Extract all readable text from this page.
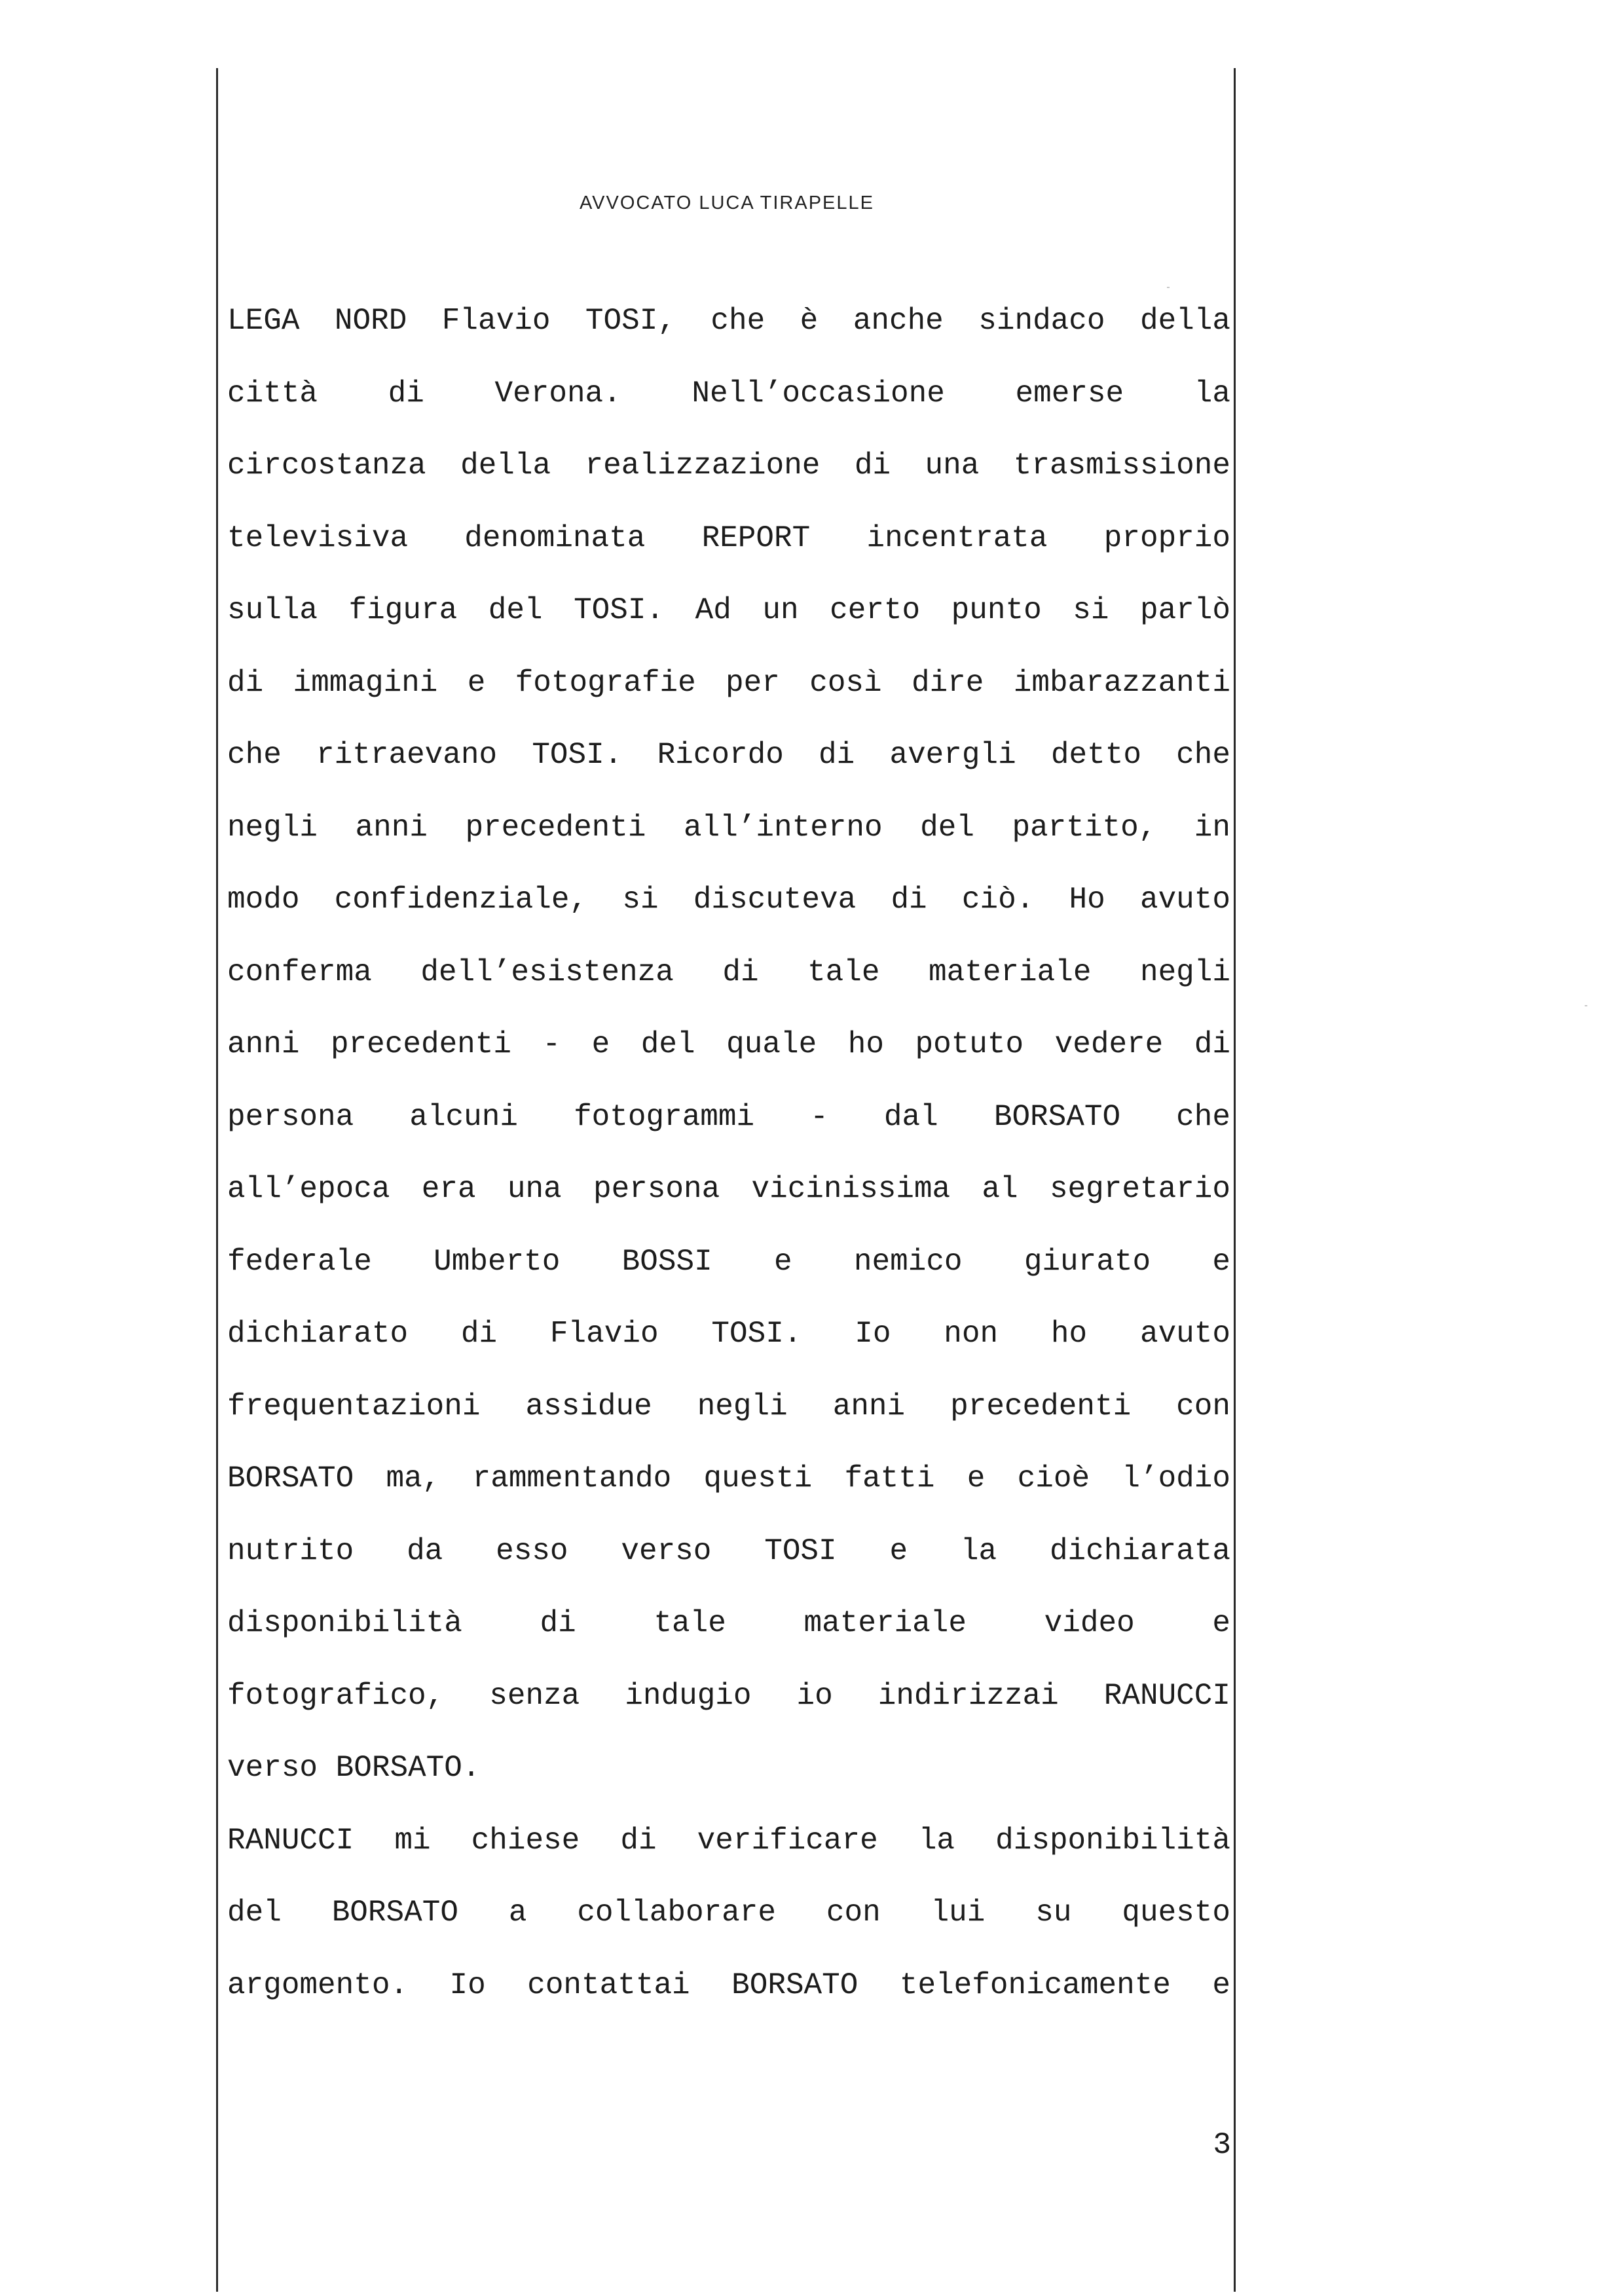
AVVOCATO LUCA TIRAPELLE
LEGA NORD Flavio TOSI, che è anche sindaco della
città di Verona. Nell’occasione emerse la
circostanza della realizzazione di una trasmissione
televisiva denominata REPORT incentrata proprio
sulla figura del TOSI. Ad un certo punto si parlò
di immagini e fotografie per così dire imbarazzanti
che ritraevano TOSI. Ricordo di avergli detto che
negli anni precedenti all’interno del partito, in
modo confidenziale, si discuteva di ciò. Ho avuto
conferma dell’esistenza di tale materiale negli
anni precedenti - e del quale ho potuto vedere di
persona alcuni fotogrammi - dal BORSATO che
all’epoca era una persona vicinissima al segretario
federale Umberto BOSSI e nemico giurato e
dichiarato di Flavio TOSI. Io non ho avuto
frequentazioni assidue negli anni precedenti con
BORSATO ma, rammentando questi fatti e cioè l’odio
nutrito da esso verso TOSI e la dichiarata
disponibilità di tale materiale video e
fotografico, senza indugio io indirizzai RANUCCI
verso BORSATO.
RANUCCI mi chiese di verificare la disponibilità
del BORSATO a collaborare con lui su questo
argomento. Io contattai BORSATO telefonicamente e
3
